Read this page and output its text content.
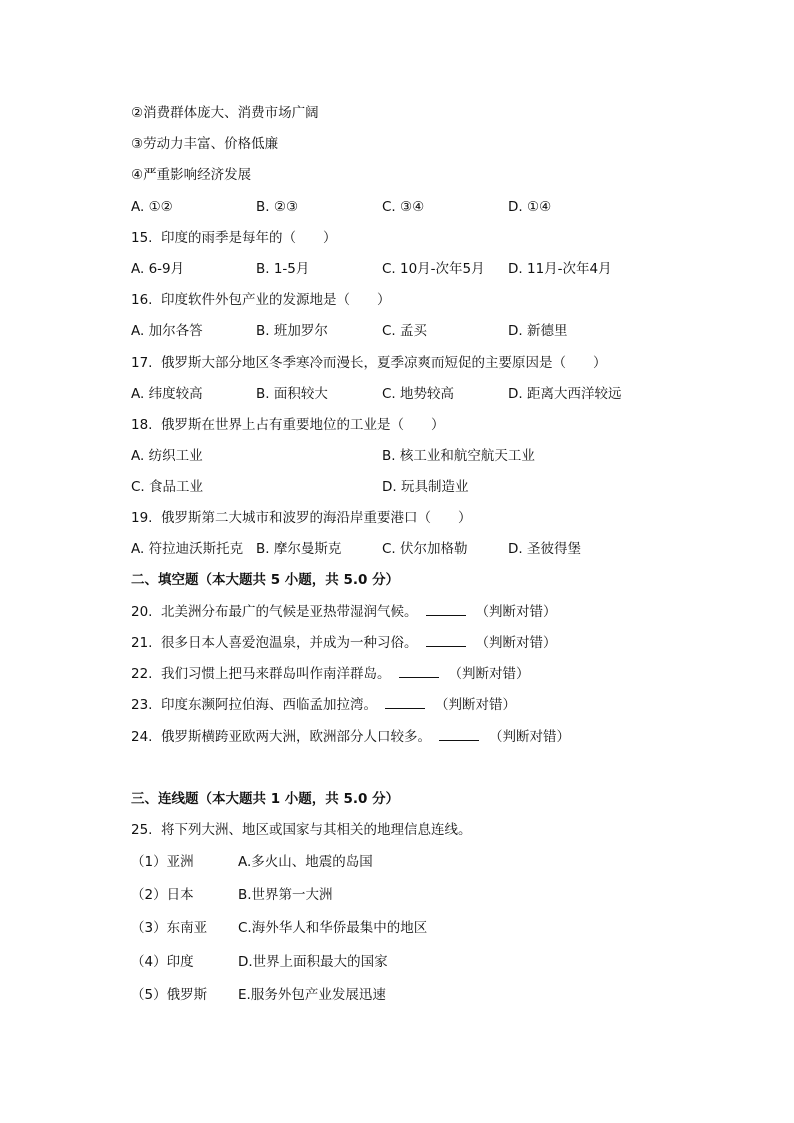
②消费群体庞大、消费市场广阔
③劳动力丰富、价格低廉
④严重影响经济发展
A. ①②	B. ②③	C. ③④	D. ①④
15. 印度的雨季是每年的（　　）
A. 6-9月	B. 1-5月	C. 10月-次年5月 D. 11月-次年4月
16. 印度软件外包产业的发源地是（　　）
A. 加尔各答	B. 班加罗尔	C. 孟买	D. 新德里
17. 俄罗斯大部分地区冬季寒冷而漫长，夏季凉爽而短促的主要原因是（　　）
A. 纬度较高	B. 面积较大	C. 地势较高	D. 距离大西洋较远
18. 俄罗斯在世界上占有重要地位的工业是（　　）
A. 纺织工业	B. 核工业和航空航天工业
C. 食品工业	D. 玩具制造业
19. 俄罗斯第二大城市和波罗的海沿岸重要港口（　　）
A. 符拉迪沃斯托克 B. 摩尔曼斯克	C. 伏尔加格勒	D. 圣彼得堡
二、填空题（本大题共 5 小题，共 5.0 分）
20. 北美洲分布最广的气候是亚热带湿润气候。	（判断对错）
21. 很多日本人喜爱泡温泉，并成为一种习俗。	（判断对错）
22. 我们习惯上把马来群岛叫作南洋群岛。	（判断对错）
23. 印度东濒阿拉伯海、西临孟加拉湾。	（判断对错）
24. 俄罗斯横跨亚欧两大洲，欧洲部分人口较多。	（判断对错）
三、连线题（本大题共 1 小题，共 5.0 分）
25. 将下列大洲、地区或国家与其相关的地理信息连线。
（1）亚洲	A.多火山、地震的岛国
（2）日本	B.世界第一大洲
（3）东南亚 C.海外华人和华侨最集中的地区
（4）印度	D.世界上面积最大的国家
（5）俄罗斯 E.服务外包产业发展迅速
